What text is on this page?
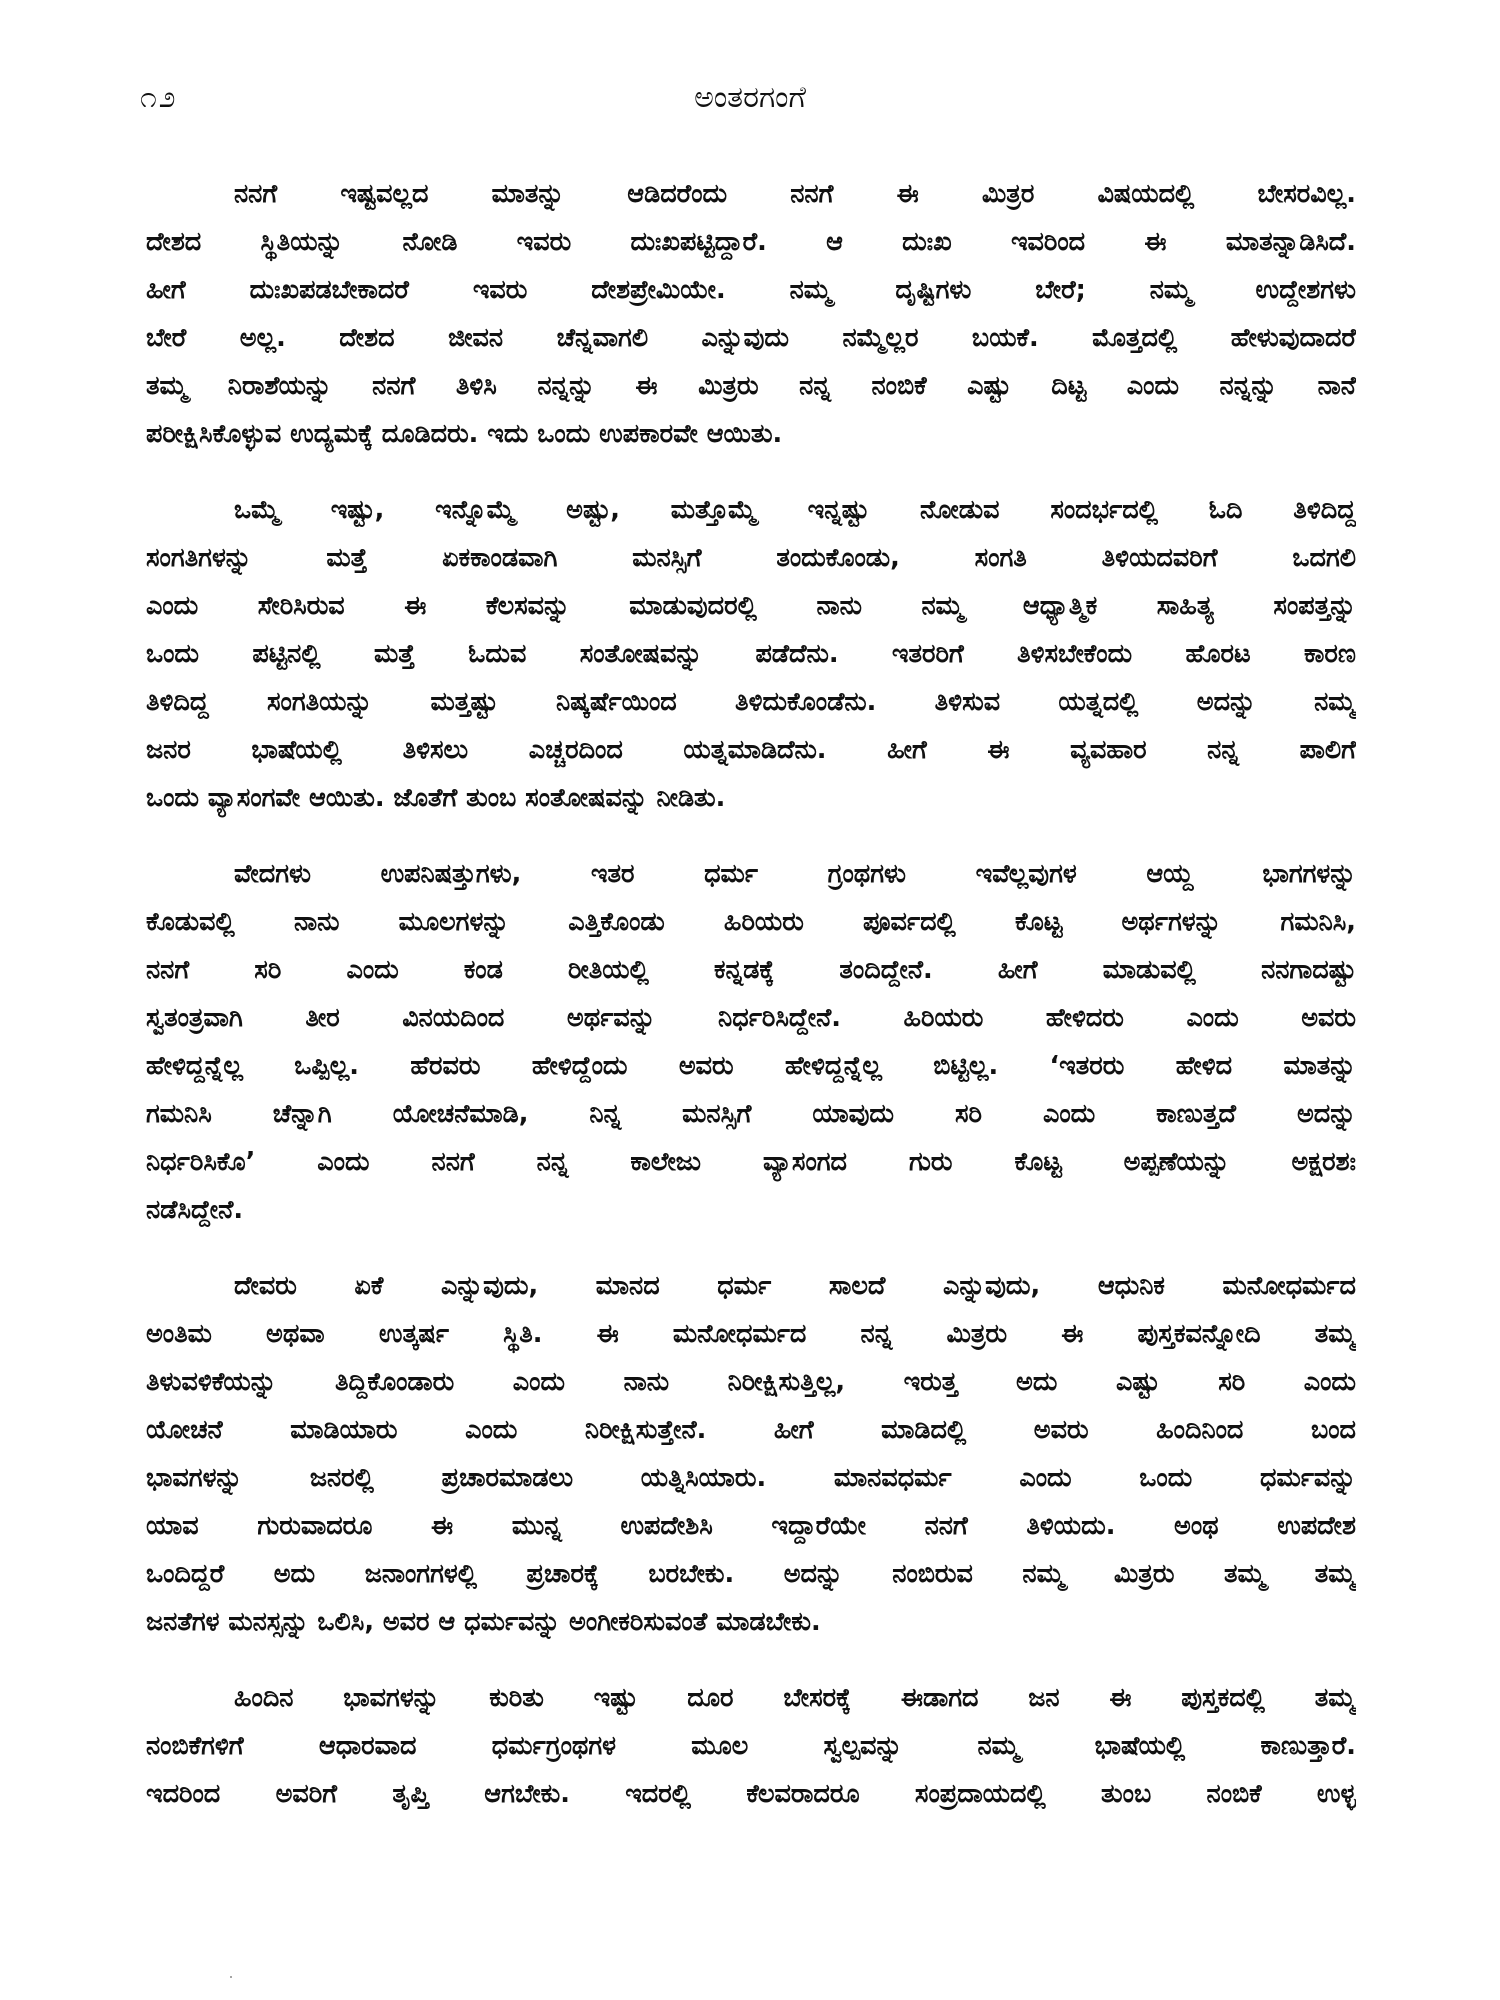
೧೨	ಅಂತರಗಂಗೆ
ನನಗೆ ಇಷ್ಟವಲ್ಲದ ಮಾತನ್ನು ಆಡಿದರೆಂದು ನನಗೆ ಈ ಮಿತ್ರರ ವಿಷಯದಲ್ಲಿ ಬೇಸರವಿಲ್ಲ.
ದೇಶದ ಸ್ಥಿತಿಯನ್ನು ನೋಡಿ ಇವರು ದುಃಖಪಟ್ಟಿದ್ದಾರೆ. ಆ ದುಃಖ ಇವರಿಂದ ಈ ಮಾತನ್ನಾಡಿಸಿದೆ.
ಹೀಗೆ ದುಃಖಪಡಬೇಕಾದರೆ ಇವರು ದೇಶಪ್ರೇಮಿಯೇ. ನಮ್ಮ ದೃಷ್ಟಿಗಳು ಬೇರೆ; ನಮ್ಮ ಉದ್ದೇಶಗಳು
ಬೇರೆ ಅಲ್ಲ. ದೇಶದ ಜೀವನ ಚೆನ್ನವಾಗಲಿ ಎನ್ನುವುದು ನಮ್ಮೆಲ್ಲರ ಬಯಕೆ. ಮೊತ್ತದಲ್ಲಿ ಹೇಳುವುದಾದರೆ
ತಮ್ಮ ನಿರಾಶೆಯನ್ನು ನನಗೆ ತಿಳಿಸಿ ನನ್ನನ್ನು ಈ ಮಿತ್ರರು ನನ್ನ ನಂಬಿಕೆ ಎಷ್ಟು ದಿಟ್ಟ ಎಂದು ನನ್ನನ್ನು ನಾನೆ
ಪರೀಕ್ಷಿಸಿಕೊಳ್ಳುವ ಉದ್ಯಮಕ್ಕೆ ದೂಡಿದರು. ಇದು ಒಂದು ಉಪಕಾರವೇ ಆಯಿತು.
ಒಮ್ಮೆ ಇಷ್ಟು, ಇನ್ನೊಮ್ಮೆ ಅಷ್ಟು, ಮತ್ತೊಮ್ಮೆ ಇನ್ನಷ್ಟು ನೋಡುವ ಸಂದರ್ಭದಲ್ಲಿ ಓದಿ ತಿಳಿದಿದ್ದ
ಸಂಗತಿಗಳನ್ನು ಮತ್ತೆ ಏಕಕಾಂಡವಾಗಿ ಮನಸ್ಸಿಗೆ ತಂದುಕೊಂಡು, ಸಂಗತಿ ತಿಳಿಯದವರಿಗೆ ಒದಗಲಿ
ಎಂದು ಸೇರಿಸಿರುವ ಈ ಕೆಲಸವನ್ನು ಮಾಡುವುದರಲ್ಲಿ ನಾನು ನಮ್ಮ ಆಧ್ಯಾತ್ಮಿಕ ಸಾಹಿತ್ಯ ಸಂಪತ್ತನ್ನು
ಒಂದು ಪಟ್ಟಿನಲ್ಲಿ ಮತ್ತೆ ಓದುವ ಸಂತೋಷವನ್ನು ಪಡೆದೆನು. ಇತರರಿಗೆ ತಿಳಿಸಬೇಕೆಂದು ಹೊರಟ ಕಾರಣ
ತಿಳಿದಿದ್ದ ಸಂಗತಿಯನ್ನು ಮತ್ತಷ್ಟು ನಿಷ್ಕರ್ಷೆಯಿಂದ ತಿಳಿದುಕೊಂಡೆನು. ತಿಳಿಸುವ ಯತ್ನದಲ್ಲಿ ಅದನ್ನು ನಮ್ಮ
ಜನರ ಭಾಷೆಯಲ್ಲಿ ತಿಳಿಸಲು ಎಚ್ಚರದಿಂದ ಯತ್ನಮಾಡಿದೆನು. ಹೀಗೆ ಈ ವ್ಯವಹಾರ ನನ್ನ ಪಾಲಿಗೆ
ಒಂದು ವ್ಯಾಸಂಗವೇ ಆಯಿತು. ಜೊತೆಗೆ ತುಂಬ ಸಂತೋಷವನ್ನು ನೀಡಿತು.
ವೇದಗಳು ಉಪನಿಷತ್ತುಗಳು, ಇತರ ಧರ್ಮ ಗ್ರಂಥಗಳು ಇವೆಲ್ಲವುಗಳ ಆಯ್ದ ಭಾಗಗಳನ್ನು
ಕೊಡುವಲ್ಲಿ ನಾನು ಮೂಲಗಳನ್ನು ಎತ್ತಿಕೊಂಡು ಹಿರಿಯರು ಪೂರ್ವದಲ್ಲಿ ಕೊಟ್ಟ ಅರ್ಥಗಳನ್ನು ಗಮನಿಸಿ,
ನನಗೆ ಸರಿ ಎಂದು ಕಂಡ ರೀತಿಯಲ್ಲಿ ಕನ್ನಡಕ್ಕೆ ತಂದಿದ್ದೇನೆ. ಹೀಗೆ ಮಾಡುವಲ್ಲಿ ನನಗಾದಷ್ಟು
ಸ್ವತಂತ್ರವಾಗಿ ತೀರ ವಿನಯದಿಂದ ಅರ್ಥವನ್ನು ನಿರ್ಧರಿಸಿದ್ದೇನೆ. ಹಿರಿಯರು ಹೇಳಿದರು ಎಂದು ಅವರು
ಹೇಳಿದ್ದನ್ನೆಲ್ಲ ಒಪ್ಪಿಲ್ಲ. ಹೆರವರು ಹೇಳಿದ್ದೆಂದು ಅವರು ಹೇಳಿದ್ದನ್ನೆಲ್ಲ ಬಿಟ್ಟಿಲ್ಲ. ‘ಇತರರು ಹೇಳಿದ ಮಾತನ್ನು
ಗಮನಿಸಿ ಚೆನ್ನಾಗಿ ಯೋಚನೆಮಾಡಿ, ನಿನ್ನ ಮನಸ್ಸಿಗೆ ಯಾವುದು ಸರಿ ಎಂದು ಕಾಣುತ್ತದೆ ಅದನ್ನು
ನಿರ್ಧರಿಸಿಕೊ’ ಎಂದು ನನಗೆ ನನ್ನ ಕಾಲೇಜು ವ್ಯಾಸಂಗದ ಗುರು ಕೊಟ್ಟ ಅಪ್ಪಣೆಯನ್ನು ಅಕ್ಷರಶಃ
ನಡೆಸಿದ್ದೇನೆ.
ದೇವರು ಏಕೆ ಎನ್ನುವುದು, ಮಾನದ ಧರ್ಮ ಸಾಲದೆ ಎನ್ನುವುದು, ಆಧುನಿಕ ಮನೋಧರ್ಮದ
ಅಂತಿಮ ಅಥವಾ ಉತ್ಕರ್ಷ ಸ್ಥಿತಿ. ಈ ಮನೋಧರ್ಮದ ನನ್ನ ಮಿತ್ರರು ಈ ಪುಸ್ತಕವನ್ನೋದಿ ತಮ್ಮ
ತಿಳುವಳಿಕೆಯನ್ನು ತಿದ್ದಿಕೊಂಡಾರು ಎಂದು ನಾನು ನಿರೀಕ್ಷಿಸುತ್ತಿಲ್ಲ, ಇರುತ್ತ ಅದು ಎಷ್ಟು ಸರಿ ಎಂದು
ಯೋಚನೆ ಮಾಡಿಯಾರು ಎಂದು ನಿರೀಕ್ಷಿಸುತ್ತೇನೆ. ಹೀಗೆ ಮಾಡಿದಲ್ಲಿ ಅವರು ಹಿಂದಿನಿಂದ ಬಂದ
ಭಾವಗಳನ್ನು ಜನರಲ್ಲಿ ಪ್ರಚಾರಮಾಡಲು ಯತ್ನಿಸಿಯಾರು. ಮಾನವಧರ್ಮ ಎಂದು ಒಂದು ಧರ್ಮವನ್ನು
ಯಾವ ಗುರುವಾದರೂ ಈ ಮುನ್ನ ಉಪದೇಶಿಸಿ ಇದ್ದಾರೆಯೇ ನನಗೆ ತಿಳಿಯದು. ಅಂಥ ಉಪದೇಶ
ಒಂದಿದ್ದರೆ ಅದು ಜನಾಂಗಗಳಲ್ಲಿ ಪ್ರಚಾರಕ್ಕೆ ಬರಬೇಕು. ಅದನ್ನು ನಂಬಿರುವ ನಮ್ಮ ಮಿತ್ರರು ತಮ್ಮ ತಮ್ಮ
ಜನತೆಗಳ ಮನಸ್ಸನ್ನು ಒಲಿಸಿ, ಅವರ ಆ ಧರ್ಮವನ್ನು ಅಂಗೀಕರಿಸುವಂತೆ ಮಾಡಬೇಕು.
ಹಿಂದಿನ ಭಾವಗಳನ್ನು ಕುರಿತು ಇಷ್ಟು ದೂರ ಬೇಸರಕ್ಕೆ ಈಡಾಗದ ಜನ ಈ ಪುಸ್ತಕದಲ್ಲಿ ತಮ್ಮ
ನಂಬಿಕೆಗಳಿಗೆ ಆಧಾರವಾದ ಧರ್ಮಗ್ರಂಥಗಳ ಮೂಲ ಸ್ವಲ್ಪವನ್ನು ನಮ್ಮ ಭಾಷೆಯಲ್ಲಿ ಕಾಣುತ್ತಾರೆ.
ಇದರಿಂದ ಅವರಿಗೆ ತೃಪ್ತಿ ಆಗಬೇಕು. ಇದರಲ್ಲಿ ಕೆಲವರಾದರೂ ಸಂಪ್ರದಾಯದಲ್ಲಿ ತುಂಬ ನಂಬಿಕೆ ಉಳ್ಳ
